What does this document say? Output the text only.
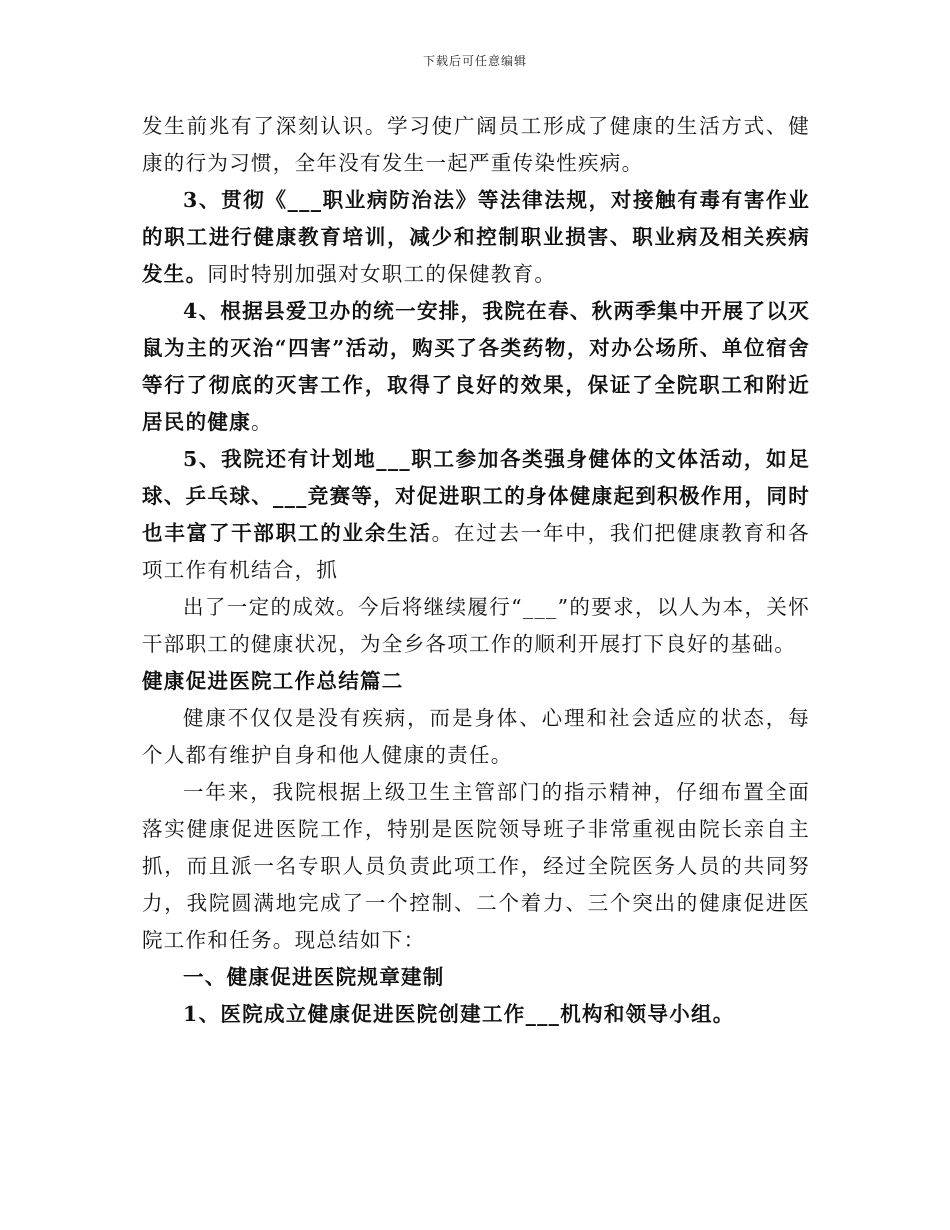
下载后可任意编辑

发生前兆有了深刻认识。学习使广阔员工形成了健康的生活方式、健康的行为习惯，全年没有发生一起严重传染性疾病。

3、贯彻《___职业病防治法》等法律法规，对接触有毒有害作业的职工进行健康教育培训，减少和控制职业损害、职业病及相关疾病发生。同时特别加强对女职工的保健教育。

4、根据县爱卫办的统一安排，我院在春、秋两季集中开展了以灭鼠为主的灭治“四害”活动，购买了各类药物，对办公场所、单位宿舍等行了彻底的灭害工作，取得了良好的效果，保证了全院职工和附近居民的健康。

5、我院还有计划地___职工参加各类强身健体的文体活动，如足球、乒乓球、___竞赛等，对促进职工的身体健康起到积极作用，同时也丰富了干部职工的业余生活。在过去一年中，我们把健康教育和各项工作有机结合，抓

出了一定的成效。今后将继续履行“___”的要求，以人为本，关怀干部职工的健康状况，为全乡各项工作的顺利开展打下良好的基础。

健康促进医院工作总结篇二

健康不仅仅是没有疾病，而是身体、心理和社会适应的状态，每个人都有维护自身和他人健康的责任。

一年来，我院根据上级卫生主管部门的指示精神，仔细布置全面落实健康促进医院工作，特别是医院领导班子非常重视由院长亲自主抓，而且派一名专职人员负责此项工作，经过全院医务人员的共同努力，我院圆满地完成了一个控制、二个着力、三个突出的健康促进医院工作和任务。现总结如下：

一、健康促进医院规章建制

1、医院成立健康促进医院创建工作___机构和领导小组。
